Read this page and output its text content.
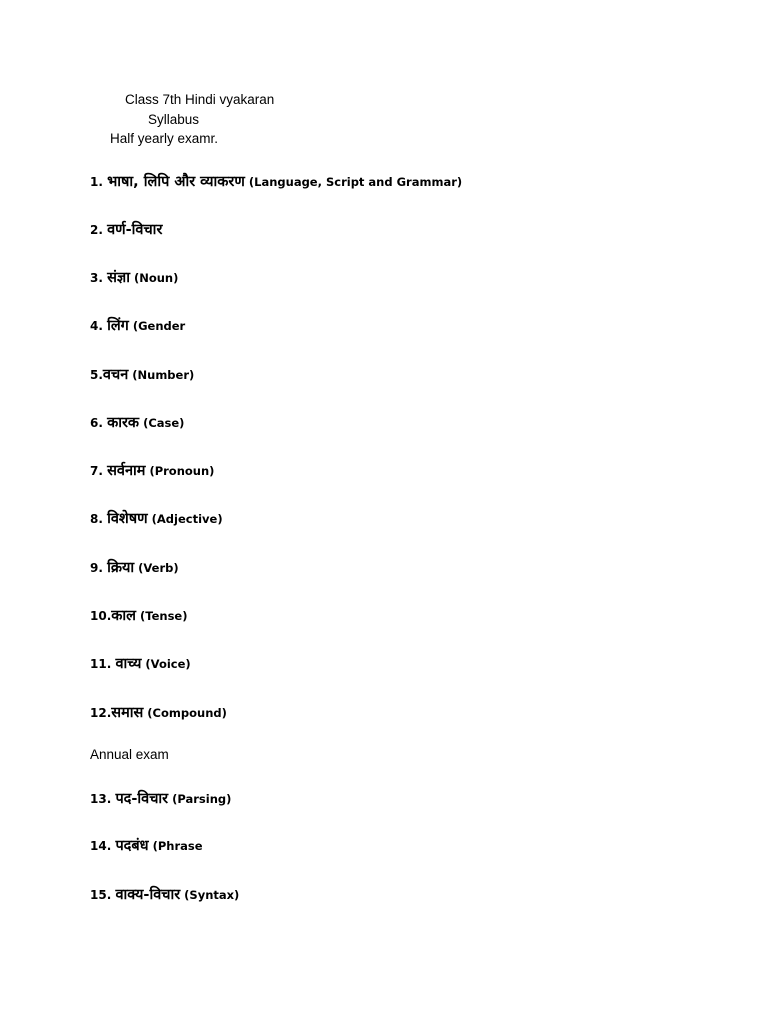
Class 7th Hindi vyakaran
Syllabus
Half yearly examr.
1. भाषा, लिपि और व्याकरण (Language, Script and Grammar)
2. वर्ण-विचार
3. संज्ञा (Noun)
4. लिंग (Gender
5.वचन (Number)
6. कारक (Case)
7. सर्वनाम (Pronoun)
8. विशेषण (Adjective)
9. क्रिया (Verb)
10.काल (Tense)
11. वाच्य (Voice)
12.समास (Compound)
Annual exam
13. पद-विचार (Parsing)
14. पदबंध (Phrase
15. वाक्य-विचार (Syntax)
